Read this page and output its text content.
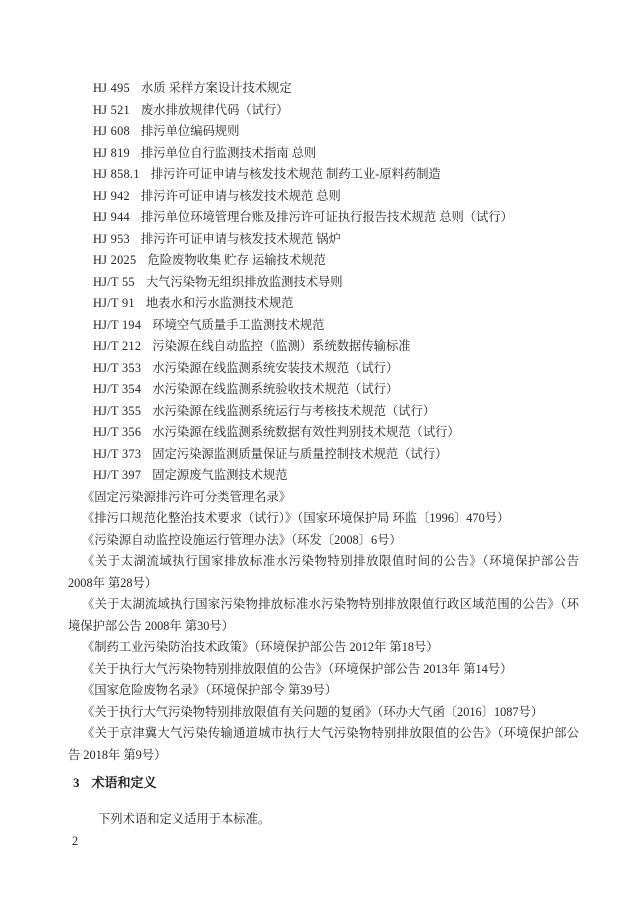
HJ 495 水质 采样方案设计技术规定
HJ 521 废水排放规律代码（试行）
HJ 608 排污单位编码规则
HJ 819 排污单位自行监测技术指南 总则
HJ 858.1 排污许可证申请与核发技术规范 制药工业-原料药制造
HJ 942 排污许可证申请与核发技术规范 总则
HJ 944 排污单位环境管理台账及排污许可证执行报告技术规范 总则（试行）
HJ 953 排污许可证申请与核发技术规范 锅炉
HJ 2025 危险废物收集 贮存 运输技术规范
HJ/T 55 大气污染物无组织排放监测技术导则
HJ/T 91 地表水和污水监测技术规范
HJ/T 194 环境空气质量手工监测技术规范
HJ/T 212 污染源在线自动监控（监测）系统数据传输标准
HJ/T 353 水污染源在线监测系统安装技术规范（试行）
HJ/T 354 水污染源在线监测系统验收技术规范（试行）
HJ/T 355 水污染源在线监测系统运行与考核技术规范（试行）
HJ/T 356 水污染源在线监测系统数据有效性判别技术规范（试行）
HJ/T 373 固定污染源监测质量保证与质量控制技术规范（试行）
HJ/T 397 固定源废气监测技术规范

《固定污染源排污许可分类管理名录》

《排污口规范化整治技术要求（试行）》（国家环境保护局 环监〔1996〕470号）

《污染源自动监控设施运行管理办法》（环发〔2008〕6号）

《关于太湖流域执行国家排放标准水污染物特别排放限值时间的公告》（环境保护部公告 2008年 第28号）

《关于太湖流域执行国家污染物排放标准水污染物特别排放限值行政区域范围的公告》（环境保护部公告 2008年 第30号）

《制药工业污染防治技术政策》（环境保护部公告 2012年 第18号）

《关于执行大气污染物特别排放限值的公告》（环境保护部公告 2013年 第14号）

《国家危险废物名录》（环境保护部令 第39号）

《关于执行大气污染物特别排放限值有关问题的复函》（环办大气函〔2016〕1087号）

《关于京津冀大气污染传输通道城市执行大气污染物特别排放限值的公告》（环境保护部公告 2018年 第9号）

3 术语和定义

下列术语和定义适用于本标准。

2
